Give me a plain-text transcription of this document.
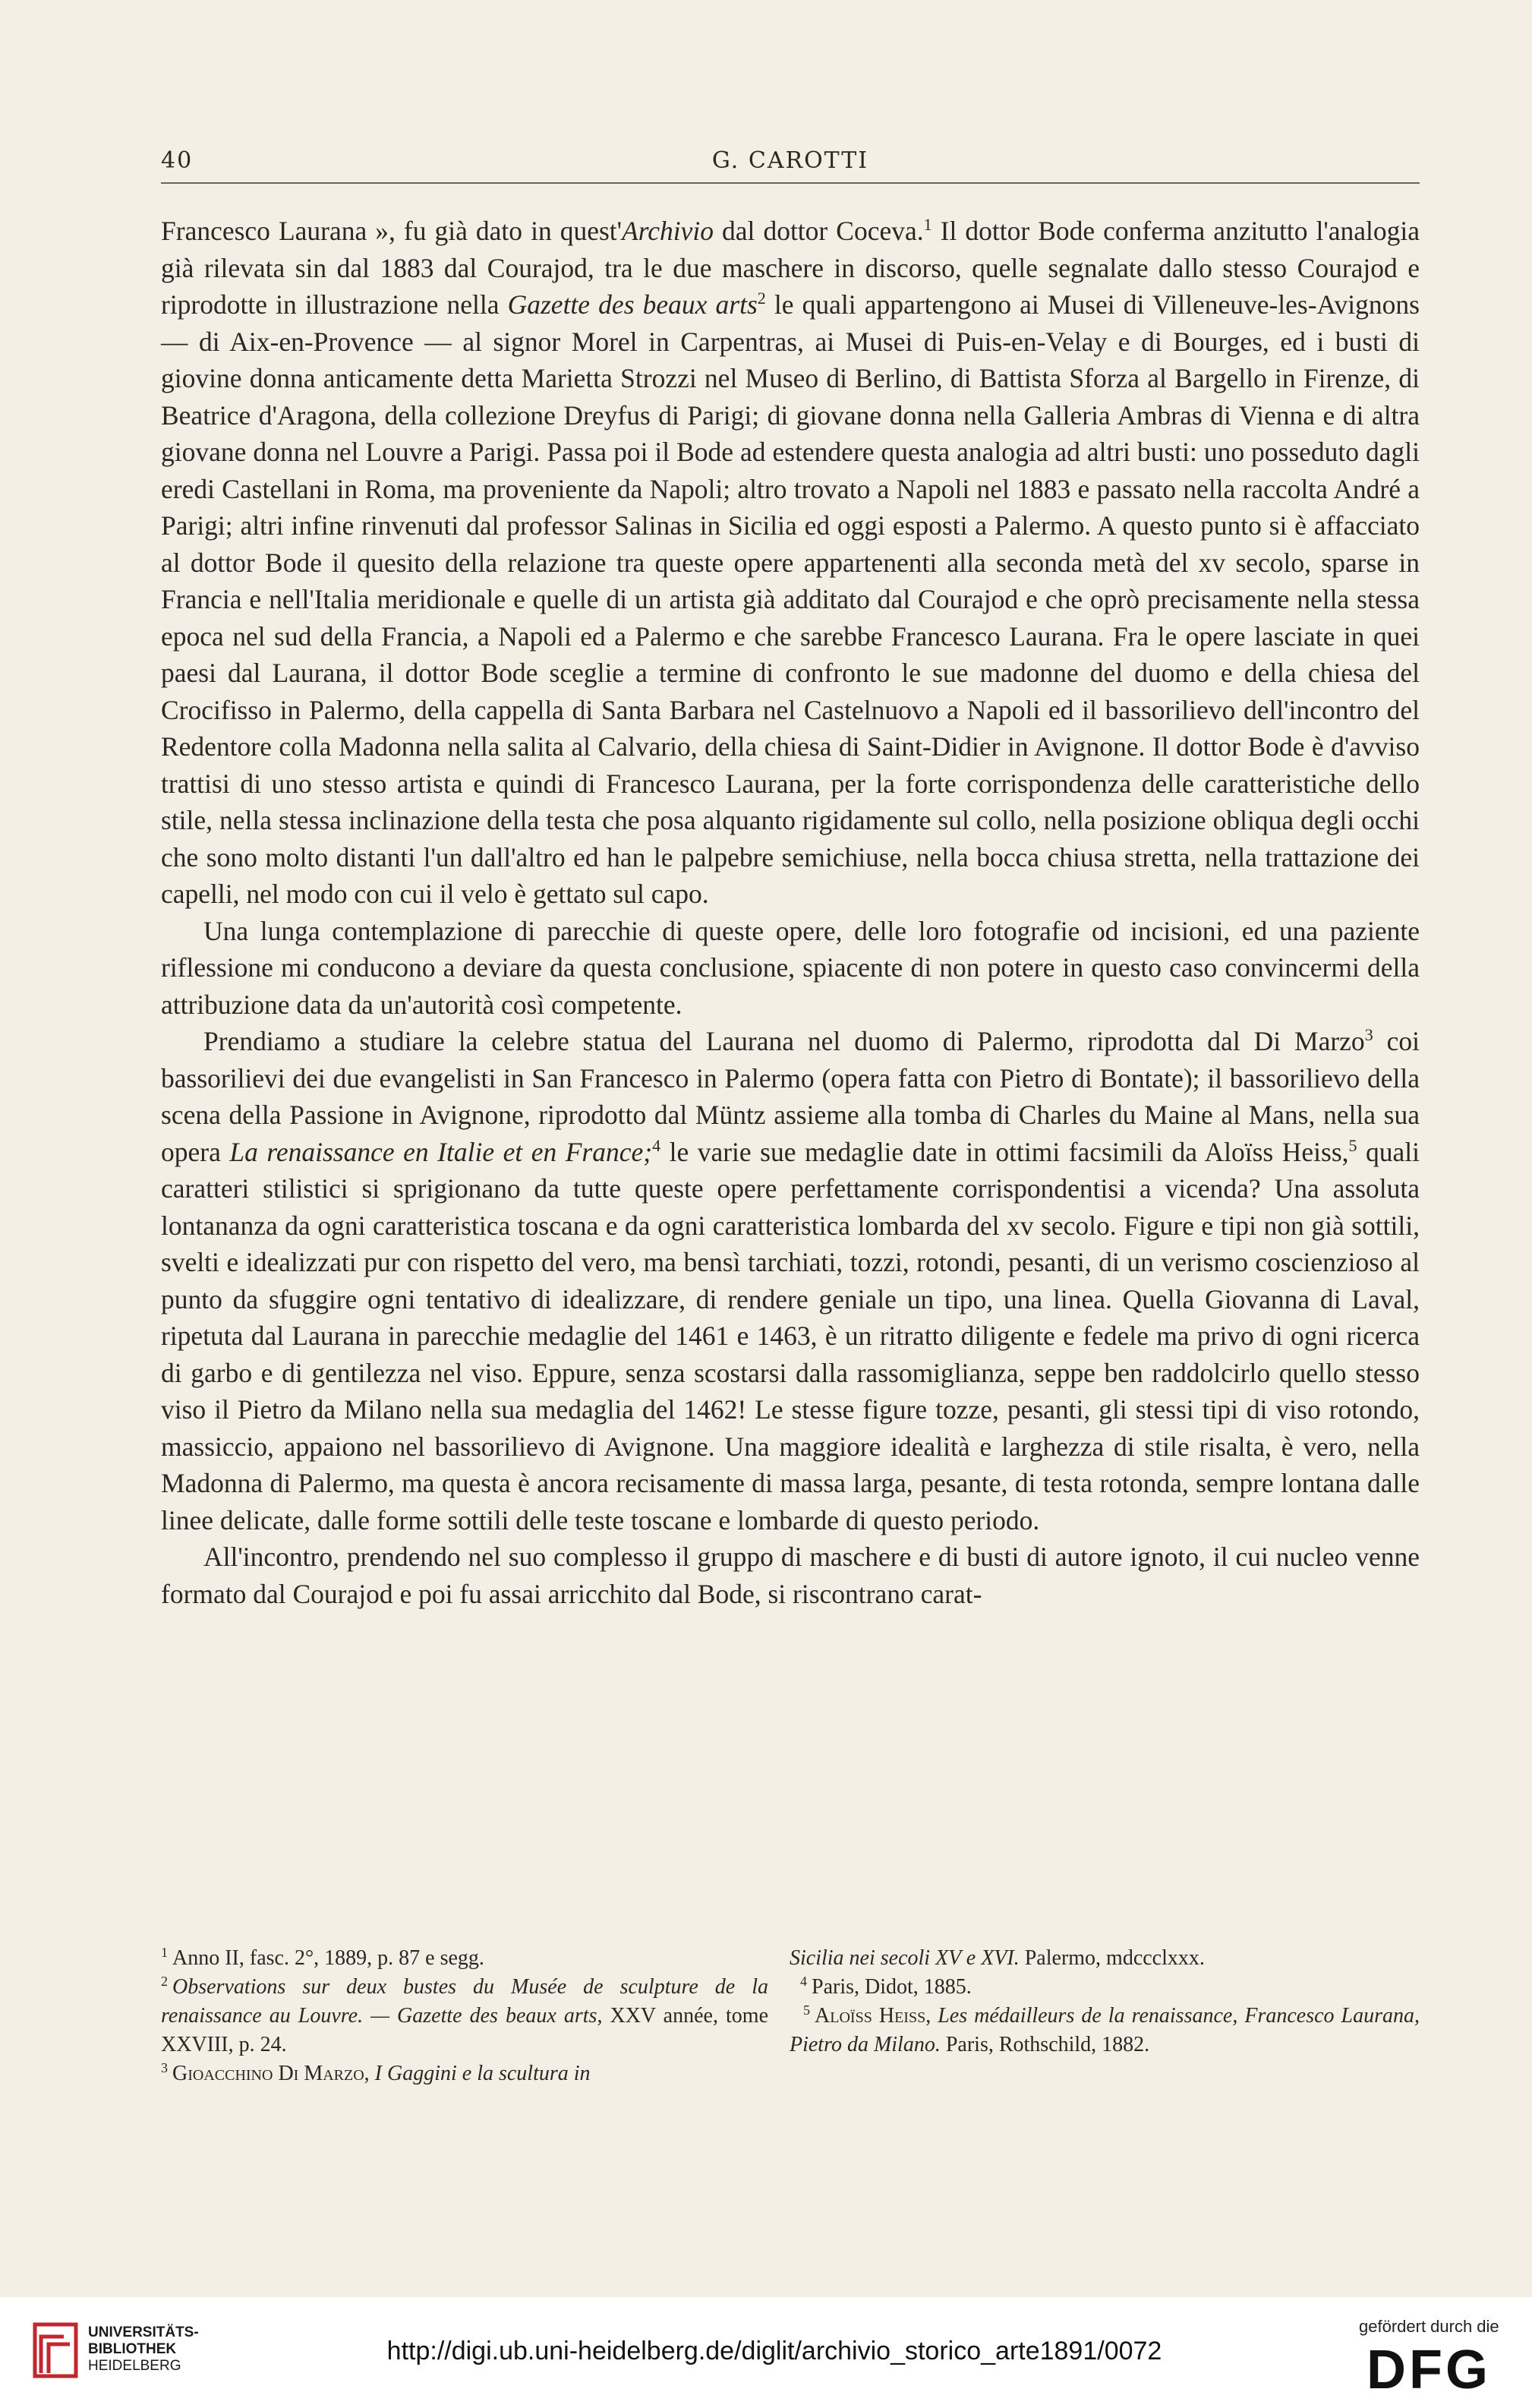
40	G. CAROTTI

Francesco Laurana », fu già dato in quest'Archivio dal dottor Coceva.$^1$ Il dottor Bode conferma anzitutto l'analogia già rilevata sin dal 1883 dal Courajod, tra le due maschere in discorso, quelle segnalate dallo stesso Courajod e riprodotte in illustrazione nella Gazette des beaux arts$^2$ le quali appartengono ai Musei di Villeneuve-les-Avignons — di Aix-en-Provence — al signor Morel in Carpentras, ai Musei di Puis-en-Velay e di Bourges, ed i busti di giovine donna anticamente detta Marietta Strozzi nel Museo di Berlino, di Battista Sforza al Bargello in Firenze, di Beatrice d'Aragona, della collezione Dreyfus di Parigi; di giovane donna nella Galleria Ambras di Vienna e di altra giovane donna nel Louvre a Parigi. Passa poi il Bode ad estendere questa analogia ad altri busti: uno posseduto dagli eredi Castellani in Roma, ma proveniente da Napoli; altro trovato a Napoli nel 1883 e passato nella raccolta André a Parigi; altri infine rinvenuti dal professor Salinas in Sicilia ed oggi esposti a Palermo. A questo punto si è affacciato al dottor Bode il quesito della relazione tra queste opere appartenenti alla seconda metà del xv secolo, sparse in Francia e nell'Italia meridionale e quelle di un artista già additato dal Courajod e che oprò precisamente nella stessa epoca nel sud della Francia, a Napoli ed a Palermo e che sarebbe Francesco Laurana. Fra le opere lasciate in quei paesi dal Laurana, il dottor Bode sceglie a termine di confronto le sue madonne del duomo e della chiesa del Crocifisso in Palermo, della cappella di Santa Barbara nel Castelnuovo a Napoli ed il bassorilievo dell'incontro del Redentore colla Madonna nella salita al Calvario, della chiesa di Saint-Didier in Avignone. Il dottor Bode è d'avviso trattisi di uno stesso artista e quindi di Francesco Laurana, per la forte corrispondenza delle caratteristiche dello stile, nella stessa inclinazione della testa che posa alquanto rigidamente sul collo, nella posizione obliqua degli occhi che sono molto distanti l'un dall'altro ed han le palpebre semichiuse, nella bocca chiusa stretta, nella trattazione dei capelli, nel modo con cui il velo è gettato sul capo.

Una lunga contemplazione di parecchie di queste opere, delle loro fotografie od incisioni, ed una paziente riflessione mi conducono a deviare da questa conclusione, spiacente di non potere in questo caso convincermi della attribuzione data da un'autorità così competente.

Prendiamo a studiare la celebre statua del Laurana nel duomo di Palermo, riprodotta dal Di Marzo$^3$ coi bassorilievi dei due evangelisti in San Francesco in Palermo (opera fatta con Pietro di Bontate); il bassorilievo della scena della Passione in Avignone, riprodotto dal Müntz assieme alla tomba di Charles du Maine al Mans, nella sua opera La renaissance en Italie et en France;$^4$ le varie sue medaglie date in ottimi facsimili da Aloïss Heiss,$^5$ quali caratteri stilistici si sprigionano da tutte queste opere perfettamente corrispondentisi a vicenda? Una assoluta lontananza da ogni caratteristica toscana e da ogni caratteristica lombarda del xv secolo. Figure e tipi non già sottili, svelti e idealizzati pur con rispetto del vero, ma bensì tarchiati, tozzi, rotondi, pesanti, di un verismo coscienzioso al punto da sfuggire ogni tentativo di idealizzare, di rendere geniale un tipo, una linea. Quella Giovanna di Laval, ripetuta dal Laurana in parecchie medaglie del 1461 e 1463, è un ritratto diligente e fedele ma privo di ogni ricerca di garbo e di gentilezza nel viso. Eppure, senza scostarsi dalla rassomiglianza, seppe ben raddolcirlo quello stesso viso il Pietro da Milano nella sua medaglia del 1462! Le stesse figure tozze, pesanti, gli stessi tipi di viso rotondo, massiccio, appaiono nel bassorilievo di Avignone. Una maggiore idealità e larghezza di stile risalta, è vero, nella Madonna di Palermo, ma questa è ancora recisamente di massa larga, pesante, di testa rotonda, sempre lontana dalle linee delicate, dalle forme sottili delle teste toscane e lombarde di questo periodo.

All'incontro, prendendo nel suo complesso il gruppo di maschere e di busti di autore ignoto, il cui nucleo venne formato dal Courajod e poi fu assai arricchito dal Bode, si riscontrano carat-

$^1$ Anno II, fasc. 2°, 1889, p. 87 e segg.

$^2$ Observations sur deux bustes du Musée de sculpture de la renaissance au Louvre. — Gazette des beaux arts, XXV année, tome XXVIII, p. 24.

$^3$ Gioacchino Di Marzo, I Gaggini e la scultura in

Sicilia nei secoli XV e XVI. Palermo, mdccclxxx.

$^4$ Paris, Didot, 1885.

$^5$ Aloïss Heiss, Les médailleurs de la renaissance, Francesco Laurana, Pietro da Milano. Paris, Rothschild, 1882.

UNIVERSITÄTS-
BIBLIOTHEK
HEIDELBERG
http://digi.ub.uni-heidelberg.de/diglit/archivio_storico_arte1891/0072
gefördert durch die
DFG
